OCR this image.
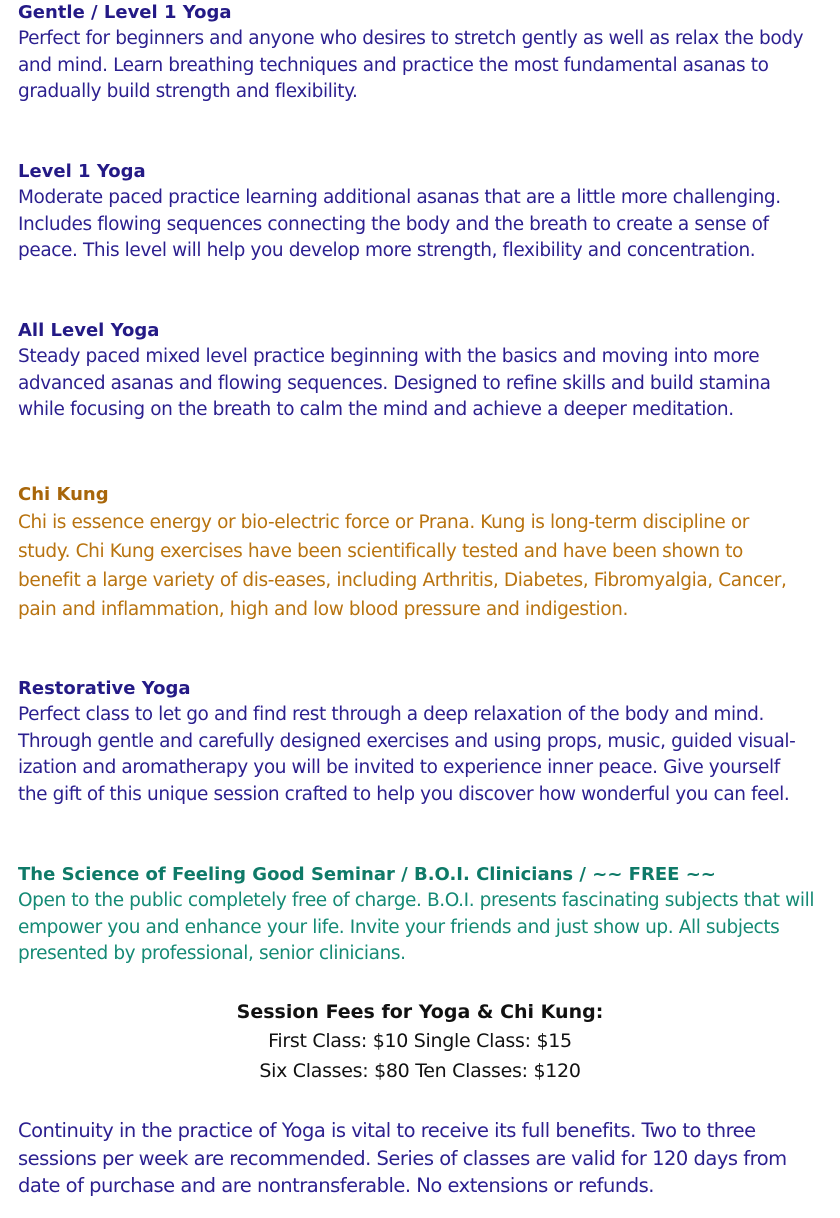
Gentle / Level 1 Yoga
Perfect for beginners and anyone who desires to stretch gently as well as relax the body
and mind. Learn breathing techniques and practice the most fundamental asanas to
gradually build strength and flexibility.
Level 1 Yoga
Moderate paced practice learning additional asanas that are a little more challenging.
Includes flowing sequences connecting the body and the breath to create a sense of
peace. This level will help you develop more strength, flexibility and concentration.
All Level Yoga
Steady paced mixed level practice beginning with the basics and moving into more
advanced asanas and flowing sequences. Designed to refine skills and build stamina
while focusing on the breath to calm the mind and achieve a deeper meditation.
Chi Kung
Chi is essence energy or bio-electric force or Prana. Kung is long-term discipline or
study. Chi Kung exercises have been scientifically tested and have been shown to
benefit a large variety of dis-eases, including Arthritis, Diabetes, Fibromyalgia, Cancer,
pain and inflammation, high and low blood pressure and indigestion.
Restorative Yoga
Perfect class to let go and find rest through a deep relaxation of the body and mind.
Through gentle and carefully designed exercises and using props, music, guided visual-
ization and aromatherapy you will be invited to experience inner peace. Give yourself
the gift of this unique session crafted to help you discover how wonderful you can feel.
The Science of Feeling Good Seminar / B.O.I. Clinicians / ~~ FREE ~~
Open to the public completely free of charge. B.O.I. presents fascinating subjects that will
empower you and enhance your life. Invite your friends and just show up. All subjects
presented by professional, senior clinicians.
Session Fees for Yoga & Chi Kung:
First Class: $10 Single Class: $15
Six Classes: $80 Ten Classes: $120
Continuity in the practice of Yoga is vital to receive its full benefits. Two to three
sessions per week are recommended. Series of classes are valid for 120 days from
date of purchase and are nontransferable. No extensions or refunds.
